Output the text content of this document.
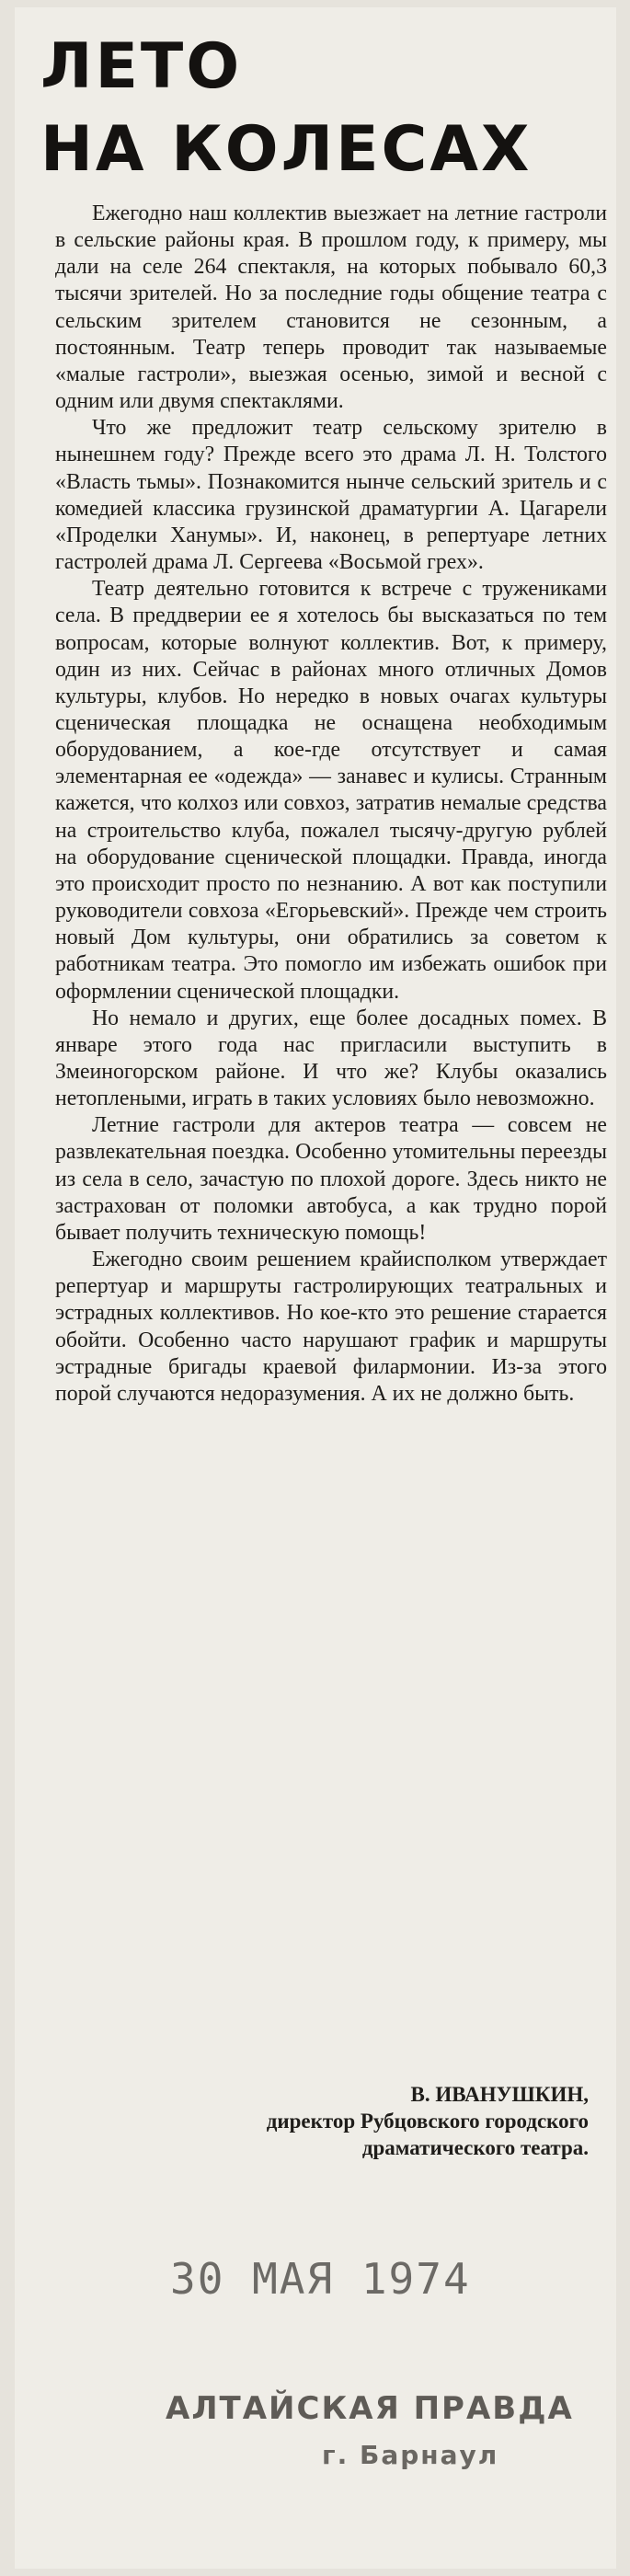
ЛЕТО
НА КОЛЕСАХ

Ежегодно наш коллектив выезжает на летние гастроли в сельские районы края. В прошлом году, к примеру, мы дали на селе 264 спектакля, на которых побывало 60,3 тысячи зрителей. Но за последние годы общение театра с сельским зрителем становится не сезонным, а постоянным. Театр теперь проводит так называемые «малые гастроли», выезжая осенью, зимой и весной с одним или двумя спектаклями.

Что же предложит театр сельскому зрителю в нынешнем году? Прежде всего это драма Л. Н. Толстого «Власть тьмы». Познакомится нынче сельский зритель и с комедией классика грузинской драматургии А. Цагарели «Проделки Ханумы». И, наконец, в репертуаре летних гастролей драма Л. Сергеева «Восьмой грех».

Театр деятельно готовится к встрече с тружениками села. В преддверии ее я хотелось бы высказаться по тем вопросам, которые волнуют коллектив. Вот, к примеру, один из них. Сейчас в районах много отличных Домов культуры, клубов. Но нередко в новых очагах культуры сценическая площадка не оснащена необходимым оборудованием, а кое-где отсутствует и самая элементарная ее «одежда» — занавес и кулисы. Странным кажется, что колхоз или совхоз, затратив немалые средства на строительство клуба, пожалел тысячу-другую рублей на оборудование сценической площадки. Правда, иногда это происходит просто по незнанию. А вот как поступили руководители совхоза «Егорьевский». Прежде чем строить новый Дом культуры, они обратились за советом к работникам театра. Это помогло им избежать ошибок при оформлении сценической площадки.

Но немало и других, еще более досадных помех. В январе этого года нас пригласили выступить в Змеиногорском районе. И что же? Клубы оказались нетоплеными, играть в таких условиях было невозможно.

Летние гастроли для актеров театра — совсем не развлекательная поездка. Особенно утомительны переезды из села в село, зачастую по плохой дороге. Здесь никто не застрахован от поломки автобуса, а как трудно порой бывает получить техническую помощь!

Ежегодно своим решением крайисполком утверждает репертуар и маршруты гастролирующих театральных и эстрадных коллективов. Но кое-кто это решение старается обойти. Особенно часто нарушают график и маршруты эстрадные бригады краевой филармонии. Из-за этого порой случаются недоразумения. А их не должно быть.

В. ИВАНУШКИН,
директор Рубцовского городского
драматического театра.
30 МАЯ 1974
АЛТАЙСКАЯ ПРАВДА
г. Барнаул
